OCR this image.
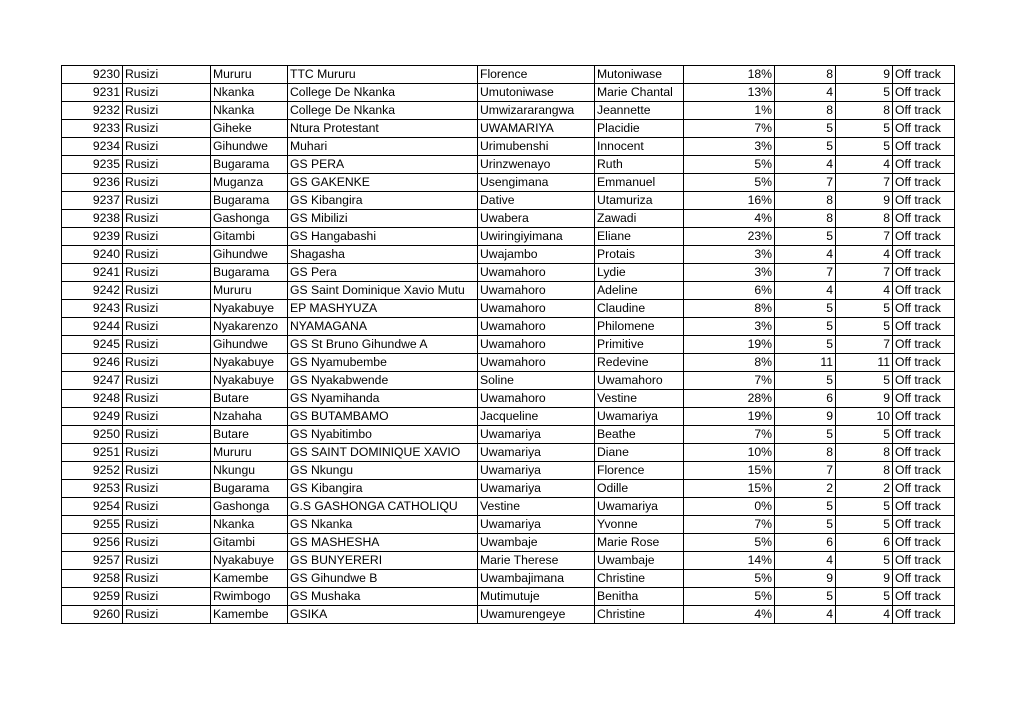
9230	Rusizi	Mururu	TTC Mururu	Florence	Mutoniwase	18%	8	9	Off track
9231	Rusizi	Nkanka	College De Nkanka	Umutoniwase	Marie Chantal	13%	4	5	Off track
9232	Rusizi	Nkanka	College De Nkanka	Umwizararangwa	Jeannette	1%	8	8	Off track
9233	Rusizi	Giheke	Ntura Protestant	UWAMARIYA	Placidie	7%	5	5	Off track
9234	Rusizi	Gihundwe	Muhari	Urimubenshi	Innocent	3%	5	5	Off track
9235	Rusizi	Bugarama	GS PERA	Urinzwenayo	Ruth	5%	4	4	Off track
9236	Rusizi	Muganza	GS GAKENKE	Usengimana	Emmanuel	5%	7	7	Off track
9237	Rusizi	Bugarama	GS Kibangira	Dative	Utamuriza	16%	8	9	Off track
9238	Rusizi	Gashonga	GS Mibilizi	Uwabera	Zawadi	4%	8	8	Off track
9239	Rusizi	Gitambi	GS Hangabashi	Uwiringiyimana	Eliane	23%	5	7	Off track
9240	Rusizi	Gihundwe	Shagasha	Uwajambo	Protais	3%	4	4	Off track
9241	Rusizi	Bugarama	GS Pera	Uwamahoro	Lydie	3%	7	7	Off track
9242	Rusizi	Mururu	GS Saint Dominique Xavio Mutu	Uwamahoro	Adeline	6%	4	4	Off track
9243	Rusizi	Nyakabuye	EP MASHYUZA	Uwamahoro	Claudine	8%	5	5	Off track
9244	Rusizi	Nyakarenzo	NYAMAGANA	Uwamahoro	Philomene	3%	5	5	Off track
9245	Rusizi	Gihundwe	GS St Bruno Gihundwe A	Uwamahoro	Primitive	19%	5	7	Off track
9246	Rusizi	Nyakabuye	GS Nyamubembe	Uwamahoro	Redevine	8%	11	11	Off track
9247	Rusizi	Nyakabuye	GS Nyakabwende	Soline	Uwamahoro	7%	5	5	Off track
9248	Rusizi	Butare	GS Nyamihanda	Uwamahoro	Vestine	28%	6	9	Off track
9249	Rusizi	Nzahaha	GS BUTAMBAMO	Jacqueline	Uwamariya	19%	9	10	Off track
9250	Rusizi	Butare	GS Nyabitimbo	Uwamariya	Beathe	7%	5	5	Off track
9251	Rusizi	Mururu	GS SAINT DOMINIQUE XAVIO	Uwamariya	Diane	10%	8	8	Off track
9252	Rusizi	Nkungu	GS Nkungu	Uwamariya	Florence	15%	7	8	Off track
9253	Rusizi	Bugarama	GS Kibangira	Uwamariya	Odille	15%	2	2	Off track
9254	Rusizi	Gashonga	G.S GASHONGA CATHOLIQU	Vestine	Uwamariya	0%	5	5	Off track
9255	Rusizi	Nkanka	GS Nkanka	Uwamariya	Yvonne	7%	5	5	Off track
9256	Rusizi	Gitambi	GS MASHESHA	Uwambaje	Marie Rose	5%	6	6	Off track
9257	Rusizi	Nyakabuye	GS BUNYERERI	Marie Therese	Uwambaje	14%	4	5	Off track
9258	Rusizi	Kamembe	GS Gihundwe B	Uwambajimana	Christine	5%	9	9	Off track
9259	Rusizi	Rwimbogo	GS Mushaka	Mutimutuje	Benitha	5%	5	5	Off track
9260	Rusizi	Kamembe	GSIKA	Uwamurengeye	Christine	4%	4	4	Off track
